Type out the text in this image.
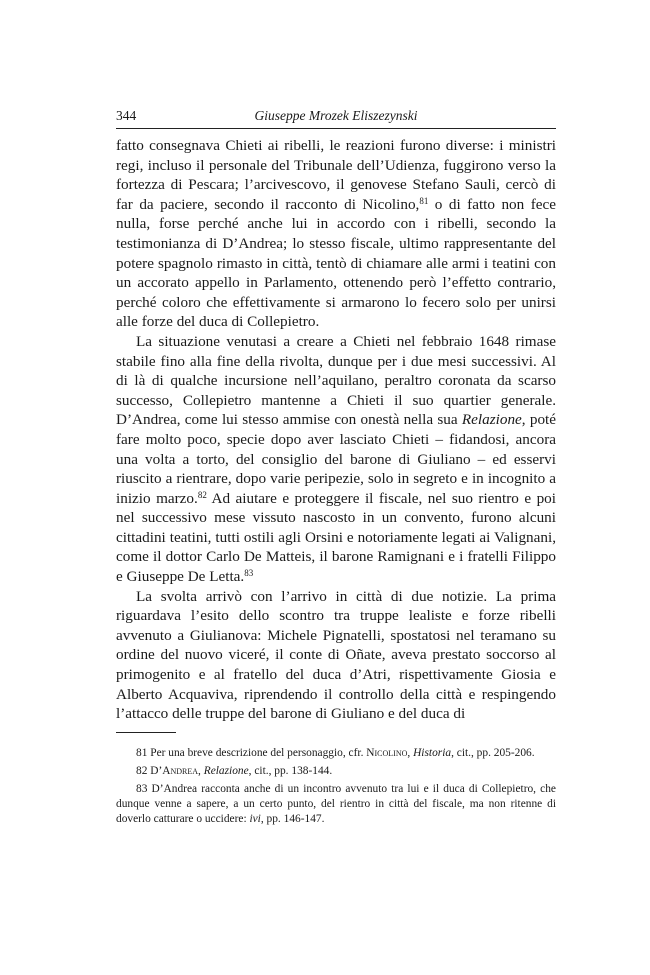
344	Giuseppe Mrozek Eliszezynski

fatto consegnava Chieti ai ribelli, le reazioni furono diverse: i ministri regi, incluso il personale del Tribunale dell’Udienza, fuggirono verso la fortezza di Pescara; l’arcivescovo, il genovese Stefano Sauli, cercò di far da paciere, secondo il racconto di Nicolino,$^{81}$ o di fatto non fece nulla, forse perché anche lui in accordo con i ribelli, secondo la testimonianza di D’Andrea; lo stesso fiscale, ultimo rappresentante del potere spagnolo rimasto in città, tentò di chiamare alle armi i teatini con un accorato appello in Parlamento, ottenendo però l’effetto contrario, perché coloro che effettivamente si armarono lo fecero solo per unirsi alle forze del duca di Collepietro.

La situazione venutasi a creare a Chieti nel febbraio 1648 rimase stabile fino alla fine della rivolta, dunque per i due mesi successivi. Al di là di qualche incursione nell’aquilano, peraltro coronata da scarso successo, Collepietro mantenne a Chieti il suo quartier generale. D’Andrea, come lui stesso ammise con onestà nella sua Relazione, poté fare molto poco, specie dopo aver lasciato Chieti – fidandosi, ancora una volta a torto, del consiglio del barone di Giuliano – ed esservi riuscito a rientrare, dopo varie peripezie, solo in segreto e in incognito a inizio marzo.$^{82}$ Ad aiutare e proteggere il fiscale, nel suo rientro e poi nel successivo mese vissuto nascosto in un convento, furono alcuni cittadini teatini, tutti ostili agli Orsini e notoriamente legati ai Valignani, come il dottor Carlo De Matteis, il barone Ramignani e i fratelli Filippo e Giuseppe De Letta.$^{83}$

La svolta arrivò con l’arrivo in città di due notizie. La prima riguardava l’esito dello scontro tra truppe lealiste e forze ribelli avvenuto a Giulianova: Michele Pignatelli, spostatosi nel teramano su ordine del nuovo viceré, il conte di Oñate, aveva prestato soccorso al primogenito e al fratello del duca d’Atri, rispettivamente Giosia e Alberto Acquaviva, riprendendo il controllo della città e respingendo l’attacco delle truppe del barone di Giuliano e del duca di

81 Per una breve descrizione del personaggio, cfr. Nicolino, Historia, cit., pp. 205-206.

82 D’Andrea, Relazione, cit., pp. 138-144.

83 D’Andrea racconta anche di un incontro avvenuto tra lui e il duca di Collepietro, che dunque venne a sapere, a un certo punto, del rientro in città del fiscale, ma non ritenne di doverlo catturare o uccidere: ivi, pp. 146-147.
